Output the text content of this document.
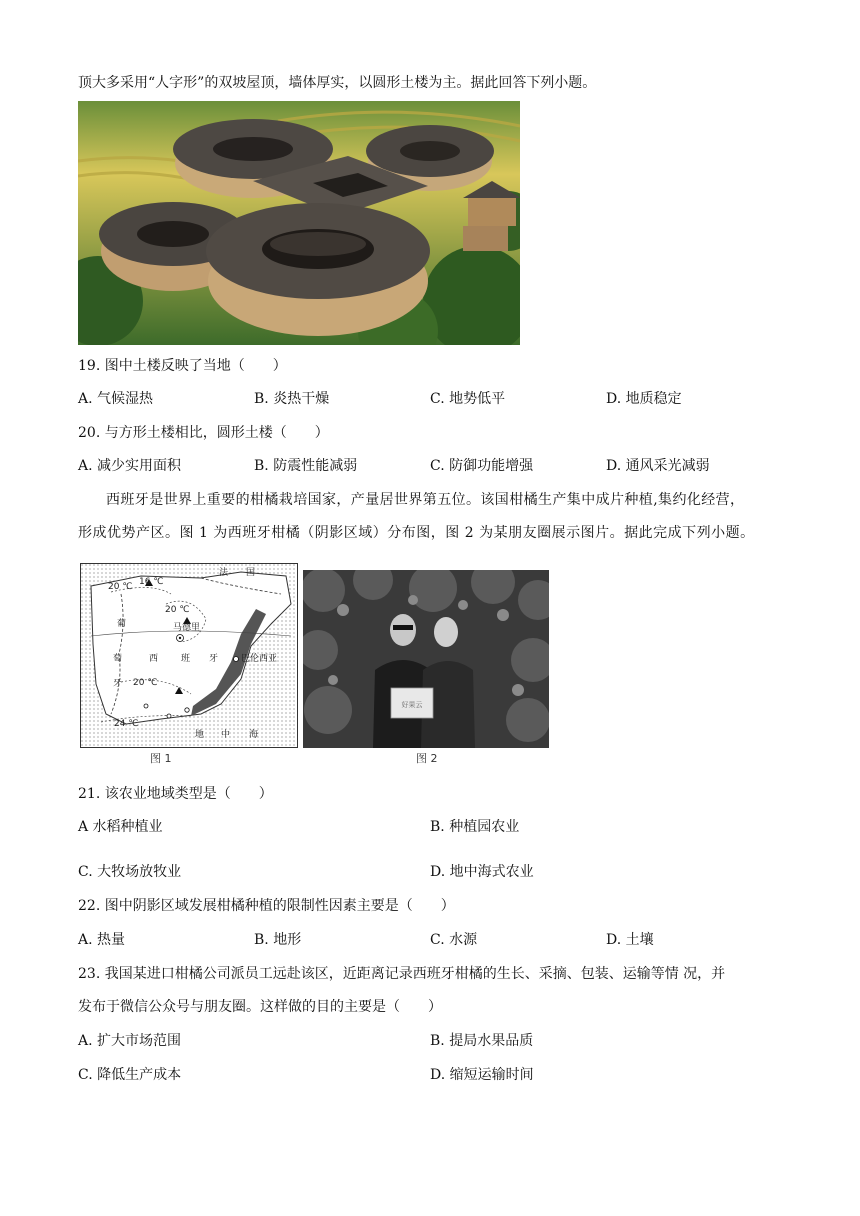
顶大多采用“人字形”的双坡屋顶，墙体厚实，以圆形土楼为主。据此回答下列小题。
19. 图中土楼反映了当地（　　）
A. 气候湿热	B. 炎热干燥	C. 地势低平	D. 地质稳定
20. 与方形土楼相比，圆形土楼（　　）
A. 减少实用面积	B. 防震性能减弱	C. 防御功能增强	D. 通风采光减弱
西班牙是世界上重要的柑橘栽培国家，产量居世界第五位。该国柑橘生产集中成片种植,集约化经营，
形成优势产区。图 1 为西班牙柑橘（阴影区域）分布图，图 2 为某朋友圈展示图片。据此完成下列小题。
法　　国
16 ℃
20 ℃
20 ℃
20 ℃
24 ℃
马德里
巴伦西亚
西	班 牙
葡
萄
牙
地 中 海
图 1
好果云
图 2
21. 该农业地域类型是（　　）
A 水稻种植业	B. 种植园农业
C. 大牧场放牧业	D. 地中海式农业
22. 图中阴影区域发展柑橘种植的限制性因素主要是（　　）
A. 热量	B. 地形	C. 水源	D. 土壤
23. 我国某进口柑橘公司派员工远赴该区，近距离记录西班牙柑橘的生长、采摘、包装、运输等情 况，并
发布于微信公众号与朋友圈。这样做的目的主要是（　　）
A. 扩大市场范围	B. 提局水果品质
C. 降低生产成本	D. 缩短运输时间
